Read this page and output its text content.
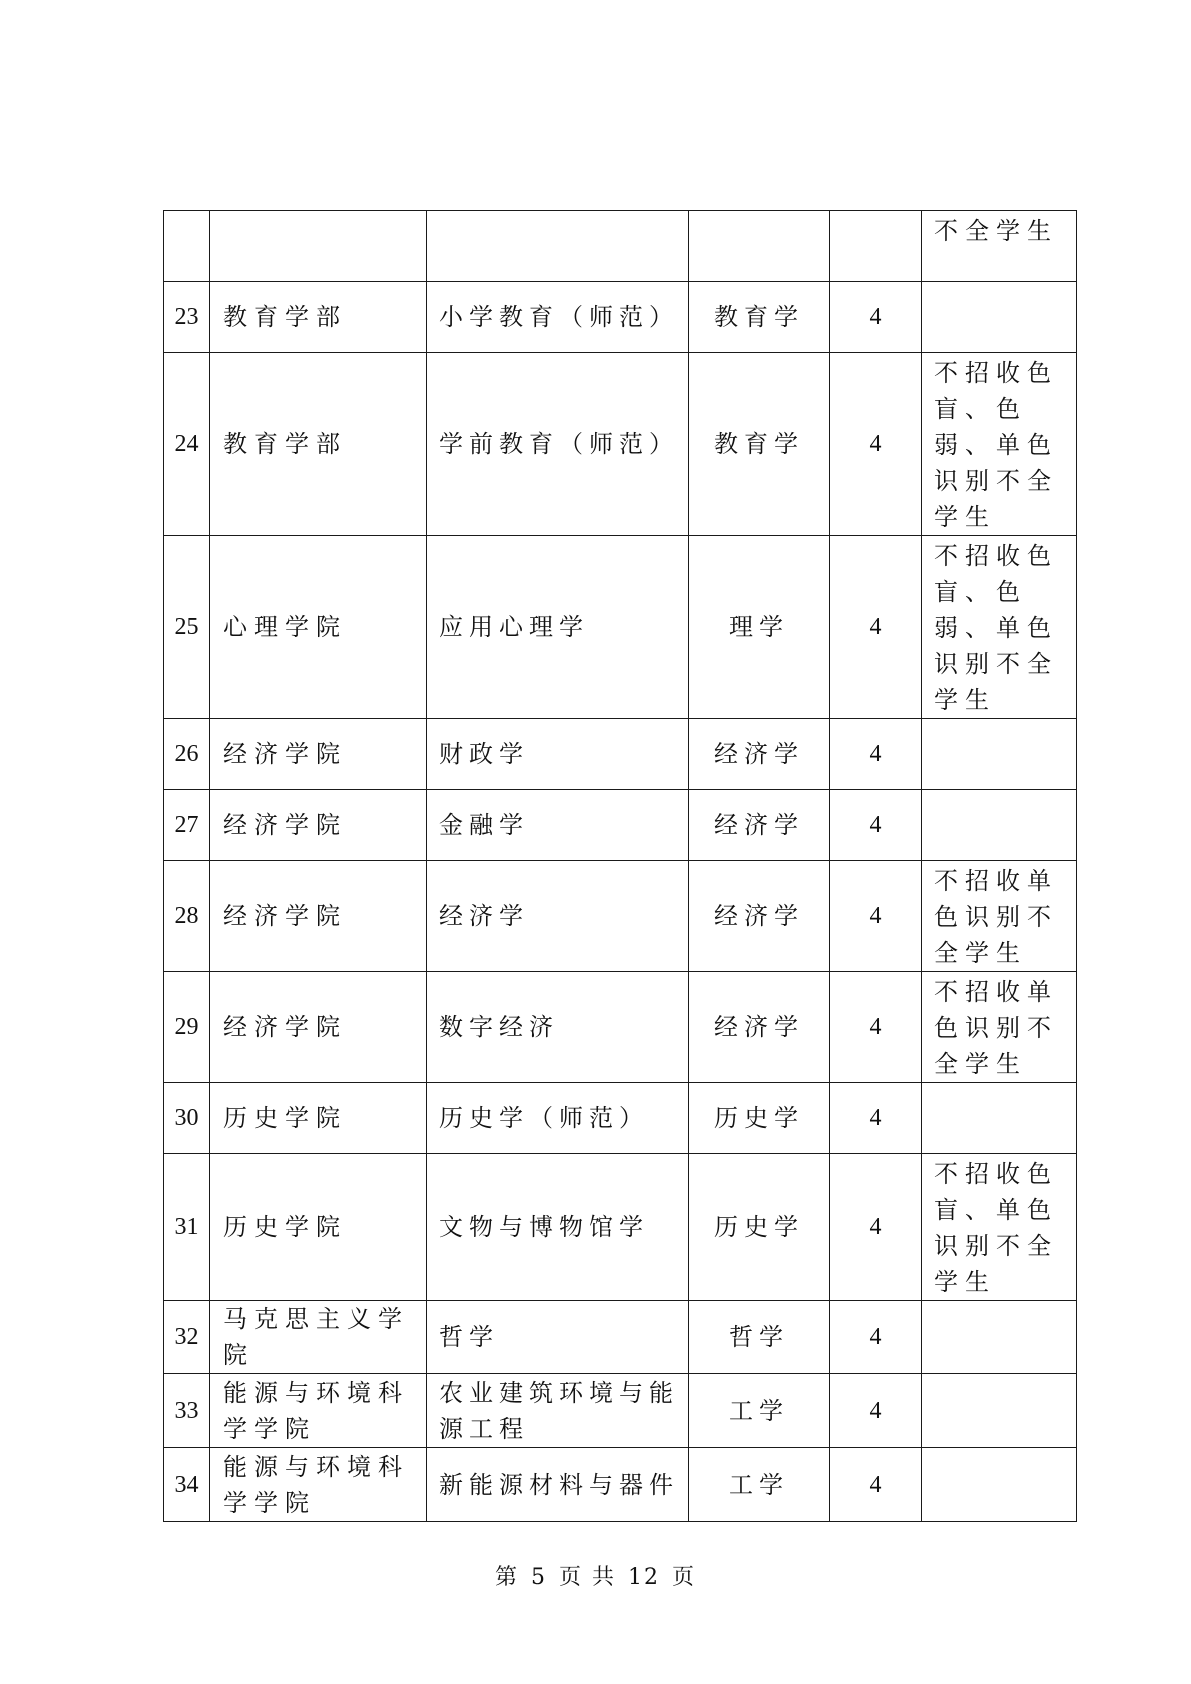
					不全学生

23	教育学部	小学教育（师范）	教育学	4	

24	教育学部	学前教育（师范）	教育学	4	不招收色盲、色弱、单色识别不全学生

25	心理学院	应用心理学	理学	4	不招收色盲、色弱、单色识别不全学生

26	经济学院	财政学	经济学	4	

27	经济学院	金融学	经济学	4	

28	经济学院	经济学	经济学	4	不招收单色识别不全学生

29	经济学院	数字经济	经济学	4	不招收单色识别不全学生

30	历史学院	历史学（师范）	历史学	4	

31	历史学院	文物与博物馆学	历史学	4	不招收色盲、单色识别不全学生

32	马克思主义学院	哲学	哲学	4	

33	能源与环境科学学院	农业建筑环境与能源工程	工学	4	

34	能源与环境科学学院	新能源材料与器件	工学	4	
第 5 页 共 12 页
